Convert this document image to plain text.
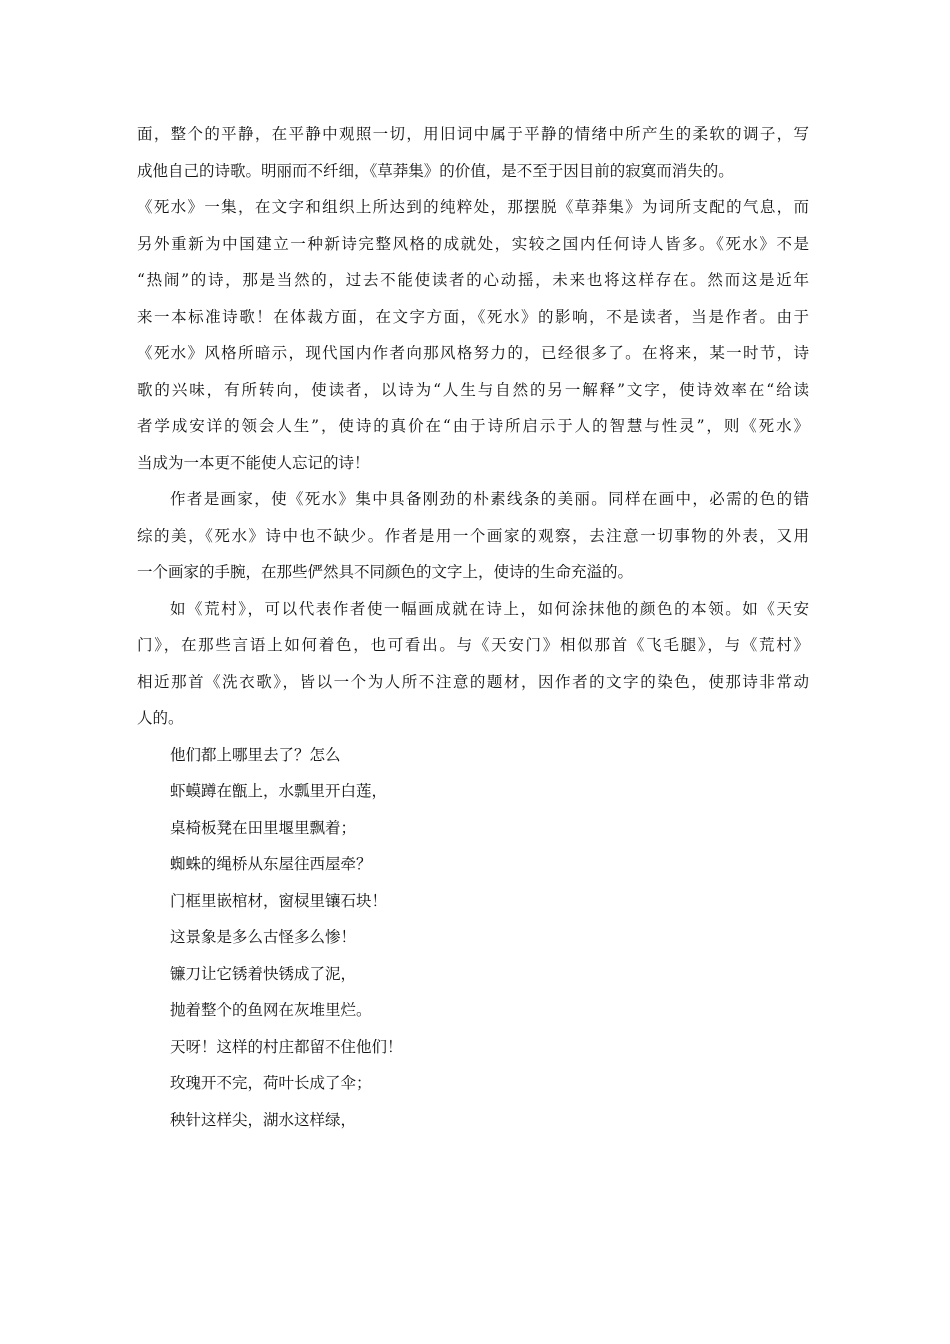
面，整个的平静，在平静中观照一切，用旧词中属于平静的情绪中所产生的柔软的调子，写
成他自己的诗歌。明丽而不纤细，《草莽集》的价值，是不至于因目前的寂寞而消失的。
《死水》一集，在文字和组织上所达到的纯粹处，那摆脱《草莽集》为词所支配的气息，而
另外重新为中国建立一种新诗完整风格的成就处，实较之国内任何诗人皆多。《死水》不是
“热闹”的诗，那是当然的，过去不能使读者的心动摇，未来也将这样存在。然而这是近年
来一本标准诗歌！在体裁方面，在文字方面，《死水》的影响，不是读者，当是作者。由于
《死水》风格所暗示，现代国内作者向那风格努力的，已经很多了。在将来，某一时节，诗
歌的兴味，有所转向，使读者，以诗为“人生与自然的另一解释”文字，使诗效率在“给读
者学成安详的领会人生”，使诗的真价在“由于诗所启示于人的智慧与性灵”，则《死水》
当成为一本更不能使人忘记的诗！
作者是画家，使《死水》集中具备刚劲的朴素线条的美丽。同样在画中，必需的色的错
综的美，《死水》诗中也不缺少。作者是用一个画家的观察，去注意一切事物的外表，又用
一个画家的手腕，在那些俨然具不同颜色的文字上，使诗的生命充溢的。
如《荒村》，可以代表作者使一幅画成就在诗上，如何涂抹他的颜色的本领。如《天安
门》，在那些言语上如何着色，也可看出。与《天安门》相似那首《飞毛腿》，与《荒村》
相近那首《洗衣歌》，皆以一个为人所不注意的题材，因作者的文字的染色，使那诗非常动
人的。
他们都上哪里去了？怎么
虾蟆蹲在甑上，水瓢里开白莲，
桌椅板凳在田里堰里飘着；
蜘蛛的绳桥从东屋往西屋牵？
门框里嵌棺材，窗棂里镶石块！
这景象是多么古怪多么惨！
镰刀让它锈着快锈成了泥，
抛着整个的鱼网在灰堆里烂。
天呀！这样的村庄都留不住他们！
玫瑰开不完，荷叶长成了伞；
秧针这样尖，湖水这样绿，
